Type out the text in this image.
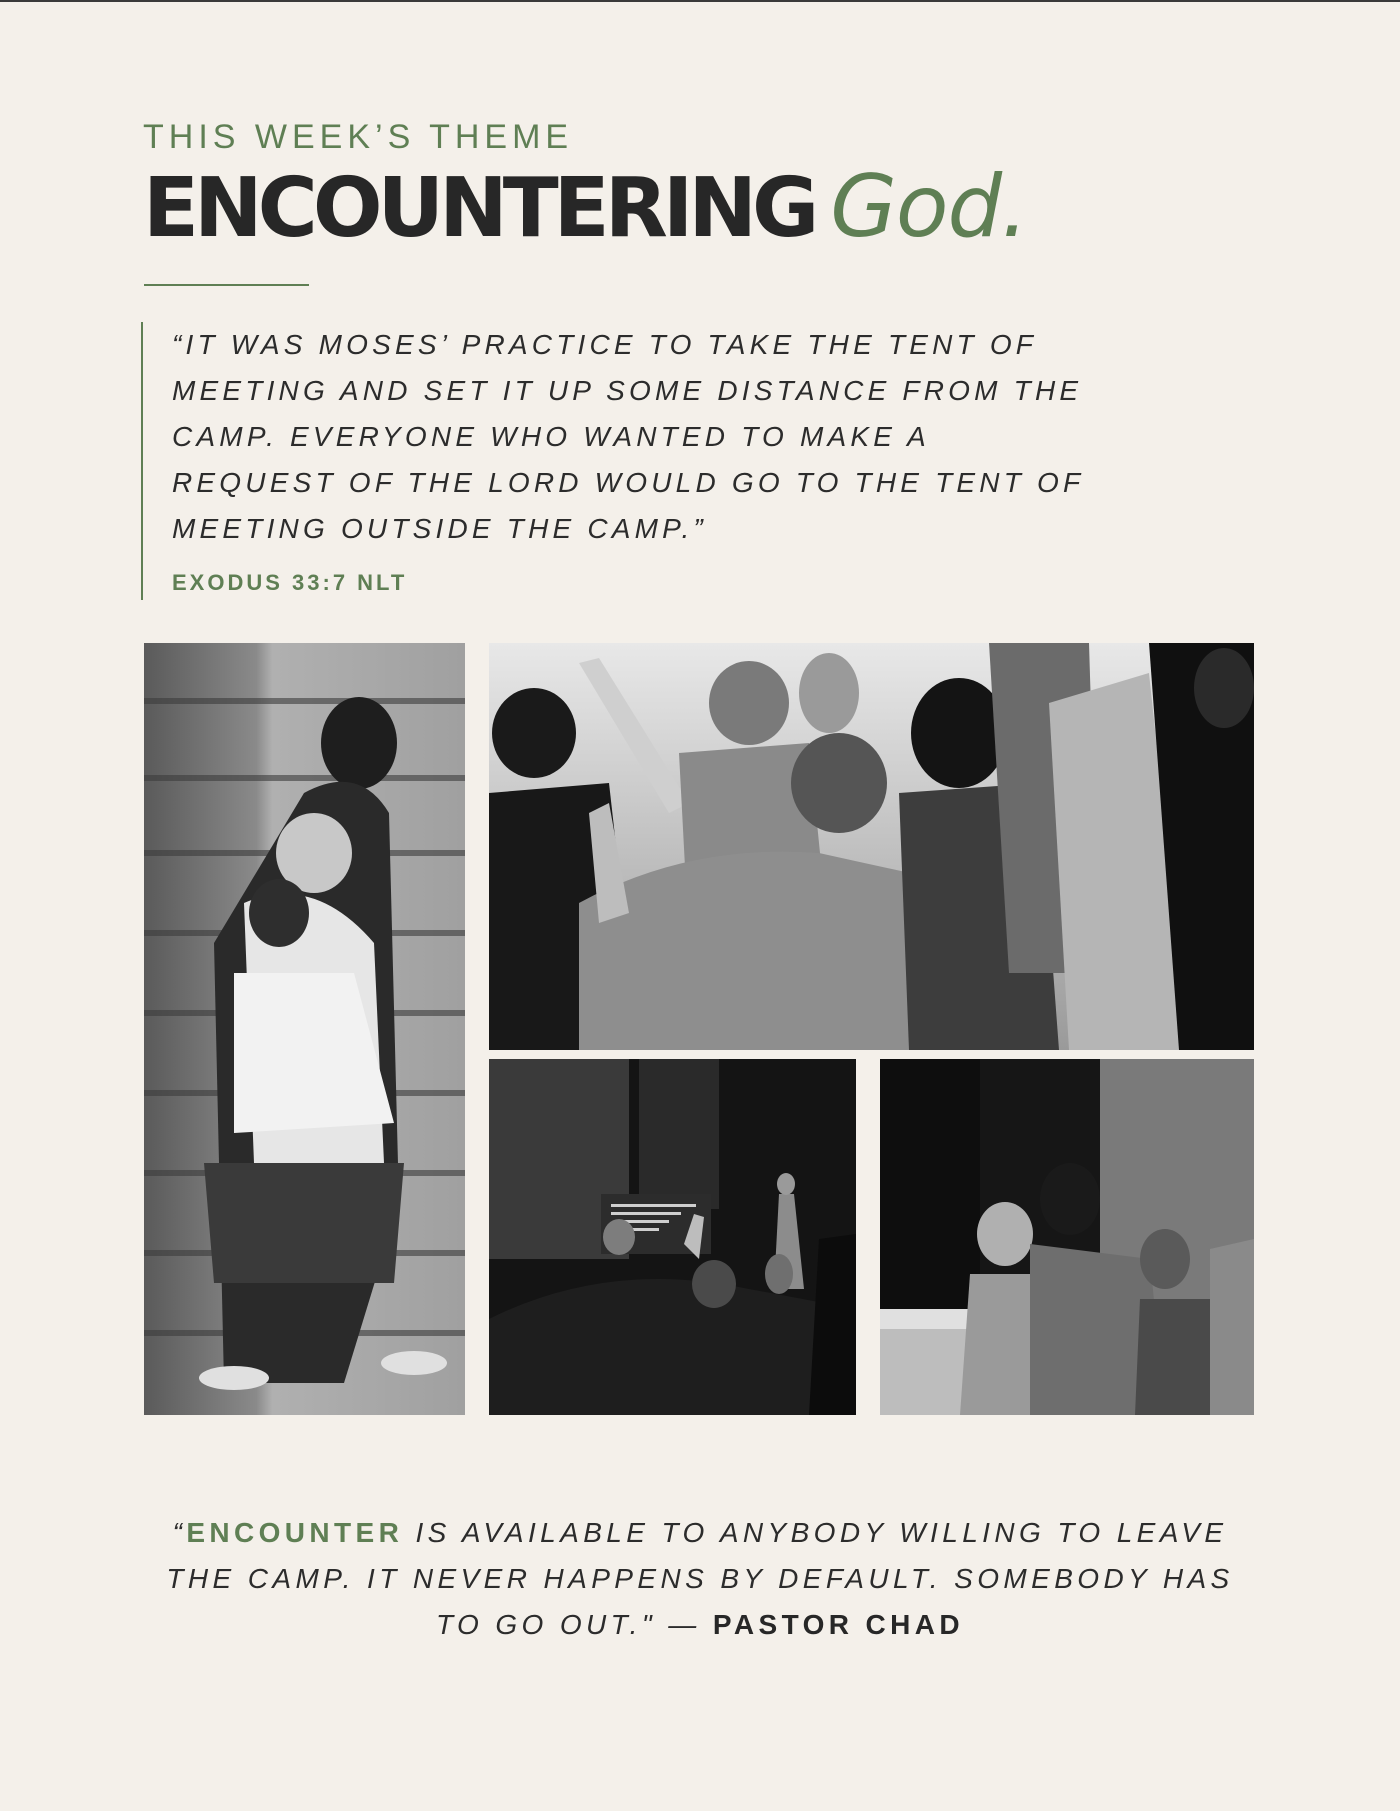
THIS WEEK’S THEME
ENCOUNTERING God.

“IT WAS MOSES’ PRACTICE TO TAKE THE TENT OF MEETING AND SET IT UP SOME DISTANCE FROM THE CAMP. EVERYONE WHO WANTED TO MAKE A REQUEST OF THE LORD WOULD GO TO THE TENT OF MEETING OUTSIDE THE CAMP.”

EXODUS 33:7 NLT
“ENCOUNTER IS AVAILABLE TO ANYBODY WILLING TO LEAVE THE CAMP. IT NEVER HAPPENS BY DEFAULT. SOMEBODY HAS TO GO OUT." — PASTOR CHAD
